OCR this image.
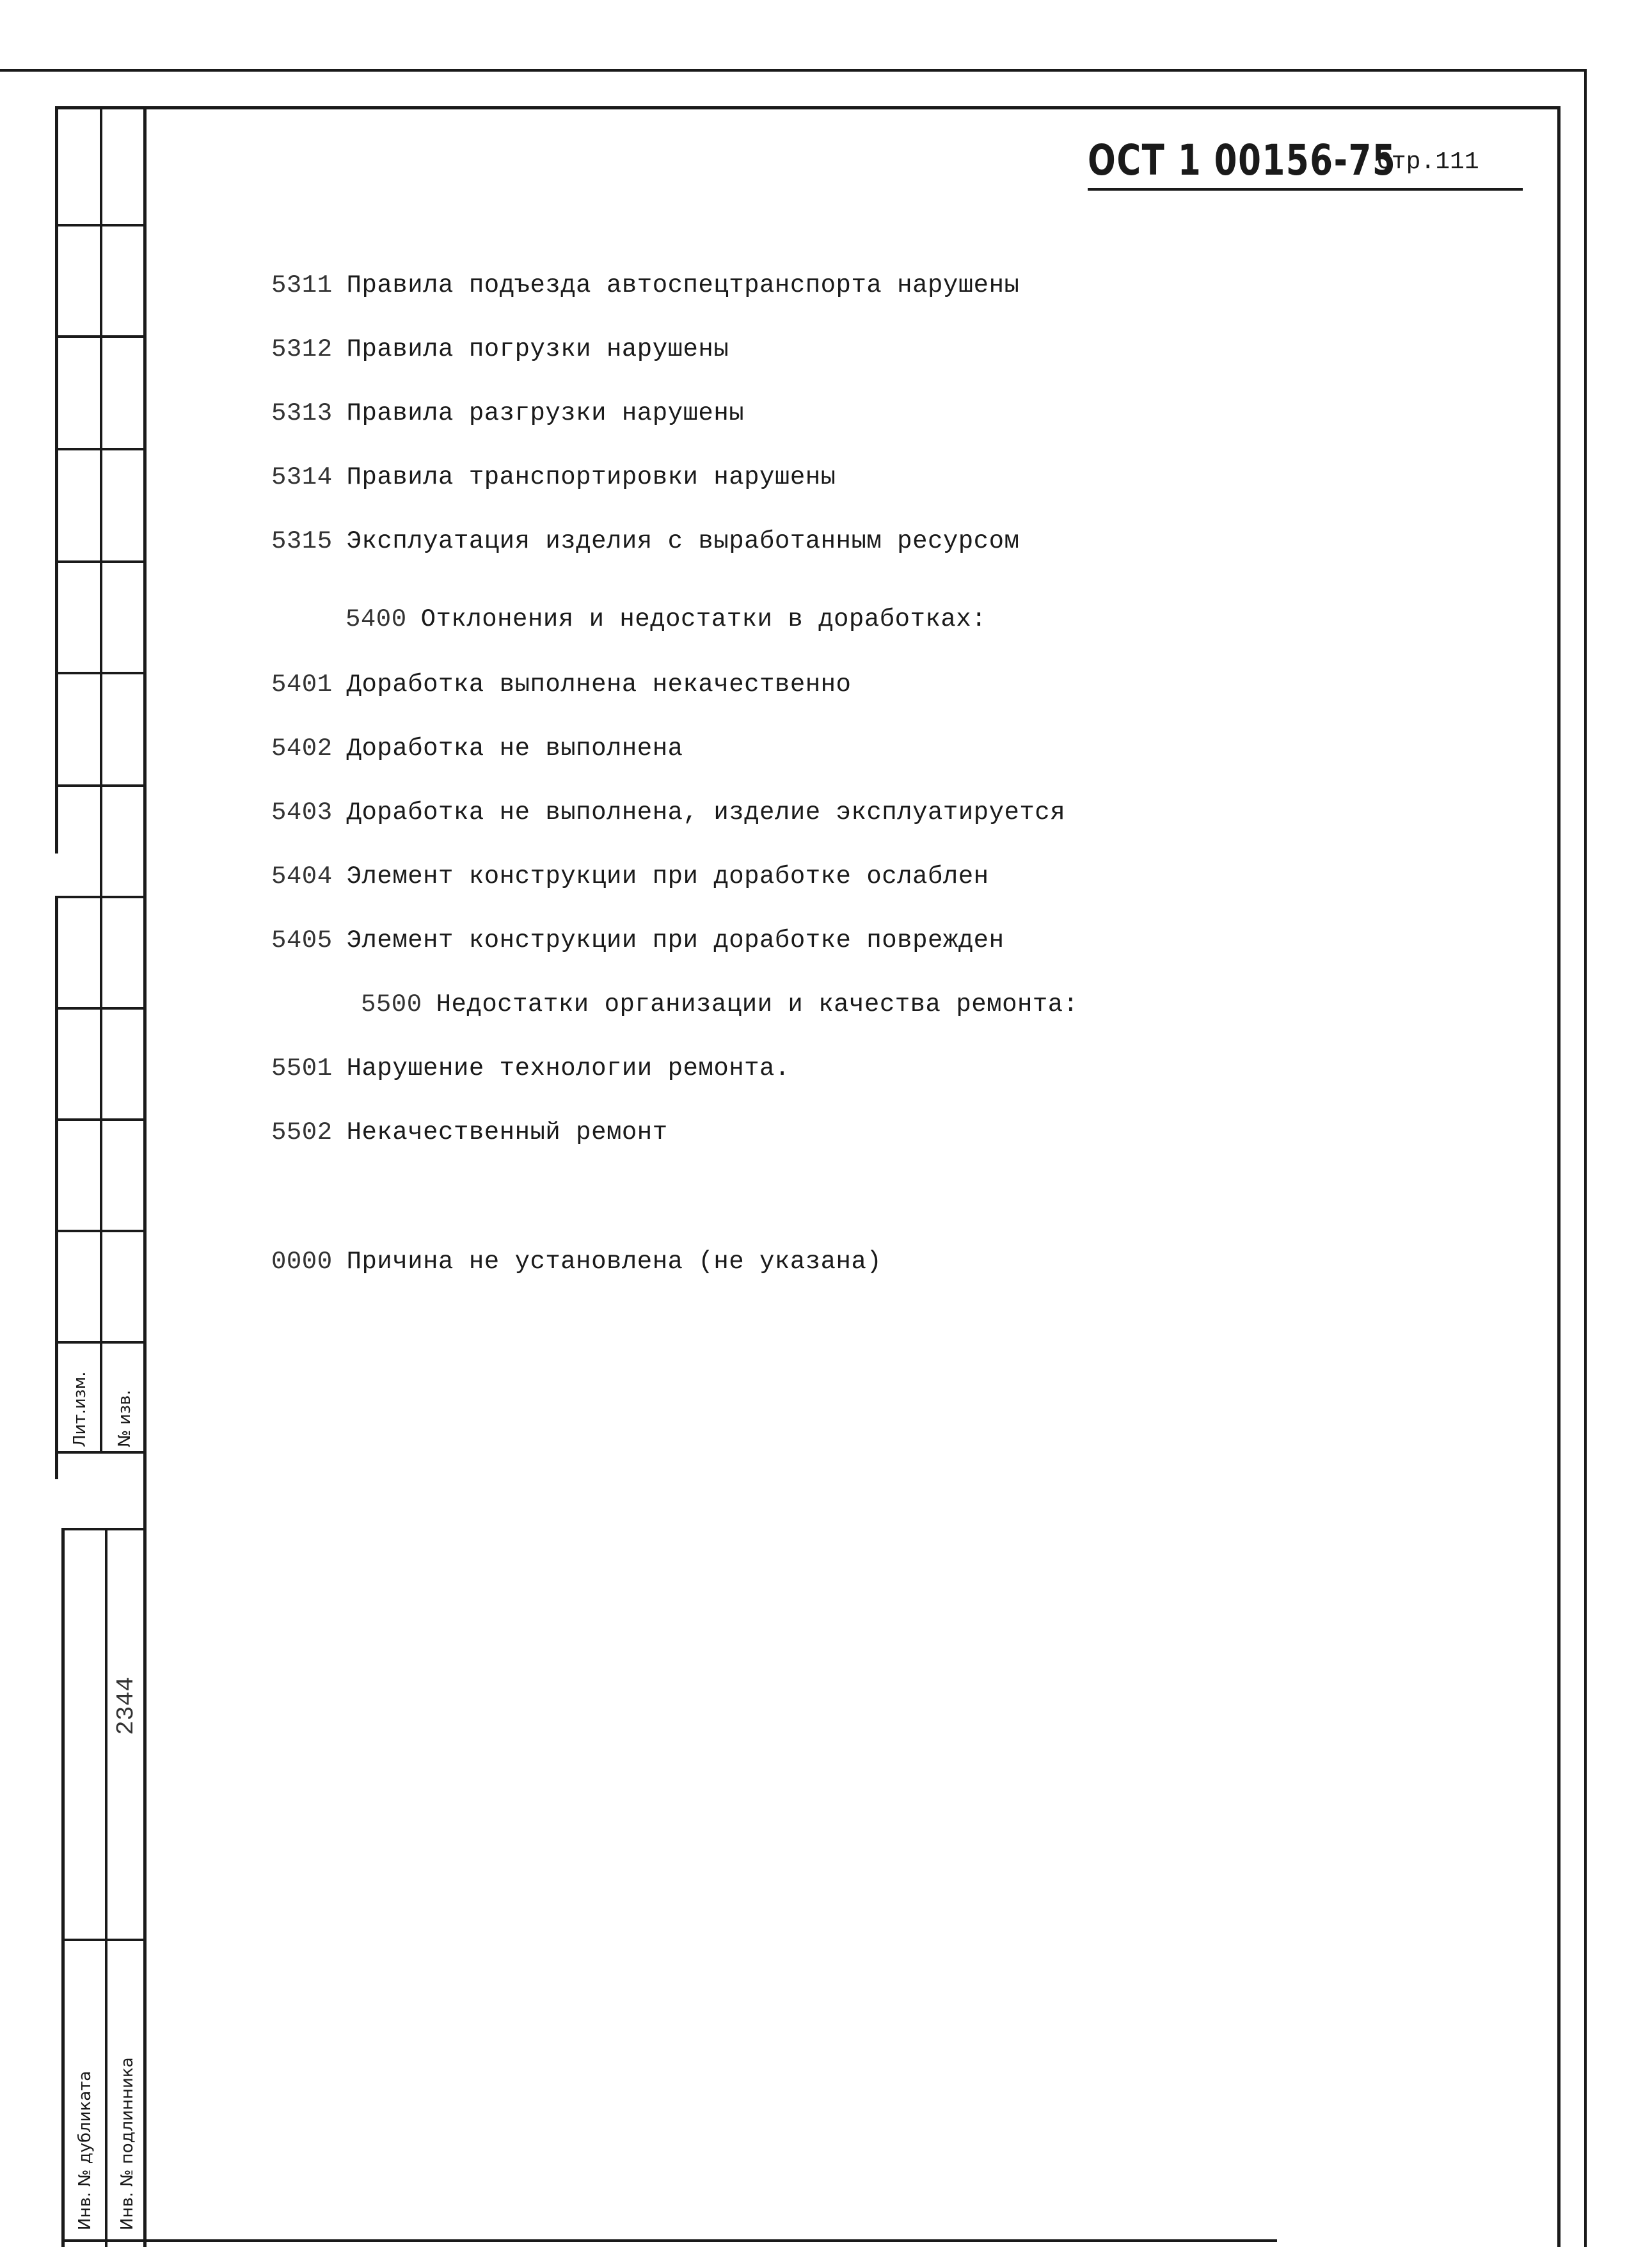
Лит.изм. № изв.
2344
Инв. № дубликата Инв. № подлинника
ОСТ 1 00156-75
Стр.111
5311 Правила подъезда автоспецтранспорта нарушены
5312 Правила погрузки нарушены
5313 Правила разгрузки нарушены
5314 Правила транспортировки нарушены
5315 Эксплуатация изделия с выработанным ресурсом
5400 Отклонения и недостатки в доработках:
5401 Доработка выполнена некачественно
5402 Доработка не выполнена
5403 Доработка не выполнена, изделие эксплуатируется
5404 Элемент конструкции при доработке ослаблен
5405 Элемент конструкции при доработке поврежден
5500 Недостатки организации и качества ремонта:
5501 Нарушение технологии ремонта.
5502 Некачественный ремонт
0000 Причина не установлена (не указана)
